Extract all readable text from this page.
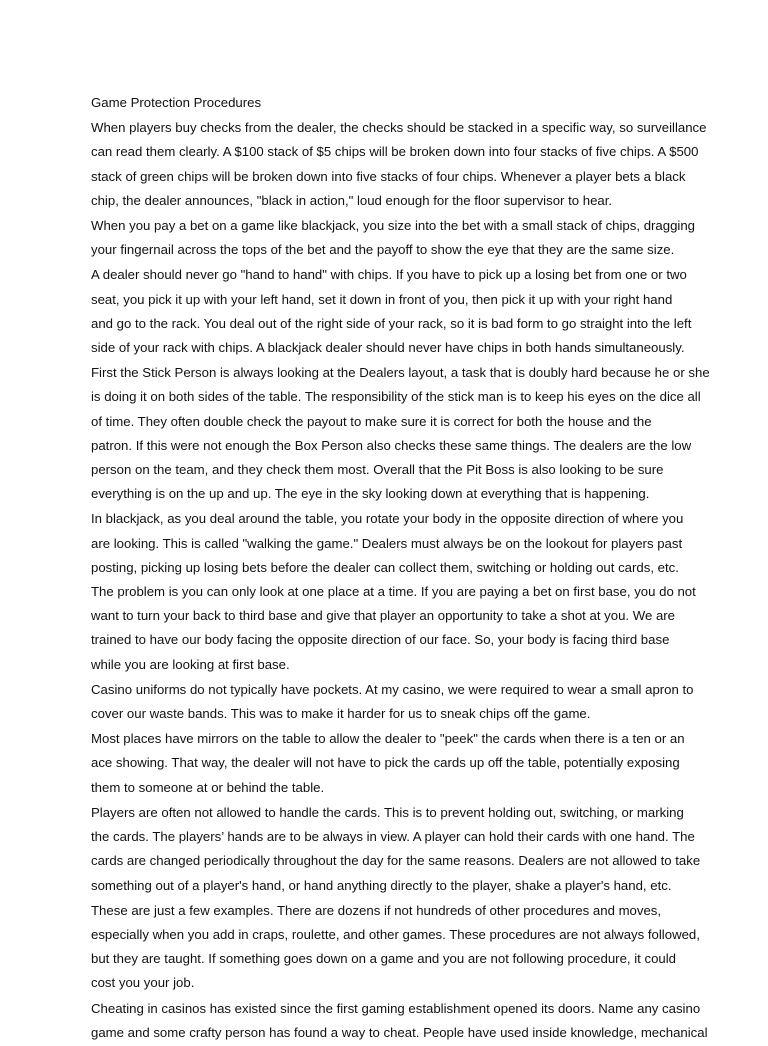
Game Protection Procedures
When players buy checks from the dealer, the checks should be stacked in a specific way, so surveillance
can read them clearly. A $100 stack of $5 chips will be broken down into four stacks of five chips. A $500
stack of green chips will be broken down into five stacks of four chips. Whenever a player bets a black
chip, the dealer announces, "black in action," loud enough for the floor supervisor to hear.
When you pay a bet on a game like blackjack, you size into the bet with a small stack of chips, dragging
your fingernail across the tops of the bet and the payoff to show the eye that they are the same size.
A dealer should never go "hand to hand" with chips. If you have to pick up a losing bet from one or two
seat, you pick it up with your left hand, set it down in front of you, then pick it up with your right hand
and go to the rack. You deal out of the right side of your rack, so it is bad form to go straight into the left
side of your rack with chips. A blackjack dealer should never have chips in both hands simultaneously.
First the Stick Person is always looking at the Dealers layout, a task that is doubly hard because he or she
is doing it on both sides of the table. The responsibility of the stick man is to keep his eyes on the dice all
of time. They often double check the payout to make sure it is correct for both the house and the
patron. If this were not enough the Box Person also checks these same things. The dealers are the low
person on the team, and they check them most. Overall that the Pit Boss is also looking to be sure
everything is on the up and up. The eye in the sky looking down at everything that is happening.
In blackjack, as you deal around the table, you rotate your body in the opposite direction of where you
are looking. This is called "walking the game." Dealers must always be on the lookout for players past
posting, picking up losing bets before the dealer can collect them, switching or holding out cards, etc.
The problem is you can only look at one place at a time. If you are paying a bet on first base, you do not
want to turn your back to third base and give that player an opportunity to take a shot at you. We are
trained to have our body facing the opposite direction of our face. So, your body is facing third base
while you are looking at first base.
Casino uniforms do not typically have pockets. At my casino, we were required to wear a small apron to
cover our waste bands. This was to make it harder for us to sneak chips off the game.
Most places have mirrors on the table to allow the dealer to "peek" the cards when there is a ten or an
ace showing. That way, the dealer will not have to pick the cards up off the table, potentially exposing
them to someone at or behind the table.
Players are often not allowed to handle the cards. This is to prevent holding out, switching, or marking
the cards. The players’ hands are to be always in view. A player can hold their cards with one hand. The
cards are changed periodically throughout the day for the same reasons. Dealers are not allowed to take
something out of a player's hand, or hand anything directly to the player, shake a player's hand, etc.
These are just a few examples. There are dozens if not hundreds of other procedures and moves,
especially when you add in craps, roulette, and other games. These procedures are not always followed,
but they are taught. If something goes down on a game and you are not following procedure, it could
cost you your job.
Cheating in casinos has existed since the first gaming establishment opened its doors. Name any casino
game and some crafty person has found a way to cheat. People have used inside knowledge, mechanical
